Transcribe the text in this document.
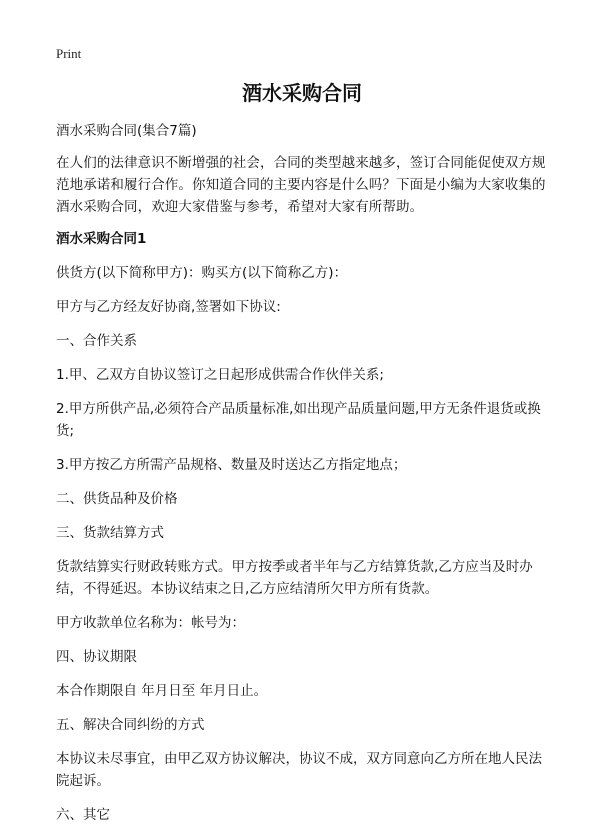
Print
酒水采购合同

酒水采购合同(集合7篇)

在人们的法律意识不断增强的社会，合同的类型越来越多，签订合同能促使双方规范地承诺和履行合作。你知道合同的主要内容是什么吗？下面是小编为大家收集的酒水采购合同，欢迎大家借鉴与参考，希望对大家有所帮助。

酒水采购合同1

供货方(以下简称甲方)：购买方(以下简称乙方)：

甲方与乙方经友好协商,签署如下协议:

一、合作关系

1.甲、乙双方自协议签订之日起形成供需合作伙伴关系;

2.甲方所供产品,必须符合产品质量标准,如出现产品质量问题,甲方无条件退货或换货;

3.甲方按乙方所需产品规格、数量及时送达乙方指定地点；

二、供货品种及价格

三、货款结算方式

货款结算实行财政转账方式。甲方按季或者半年与乙方结算货款,乙方应当及时办结，不得延迟。本协议结束之日,乙方应结清所欠甲方所有货款。

甲方收款单位名称为：帐号为：

四、协议期限

本合作期限自 年月日至 年月日止。

五、解决合同纠纷的方式

本协议未尽事宜，由甲乙双方协议解决，协议不成，双方同意向乙方所在地人民法院起诉。

六、其它
